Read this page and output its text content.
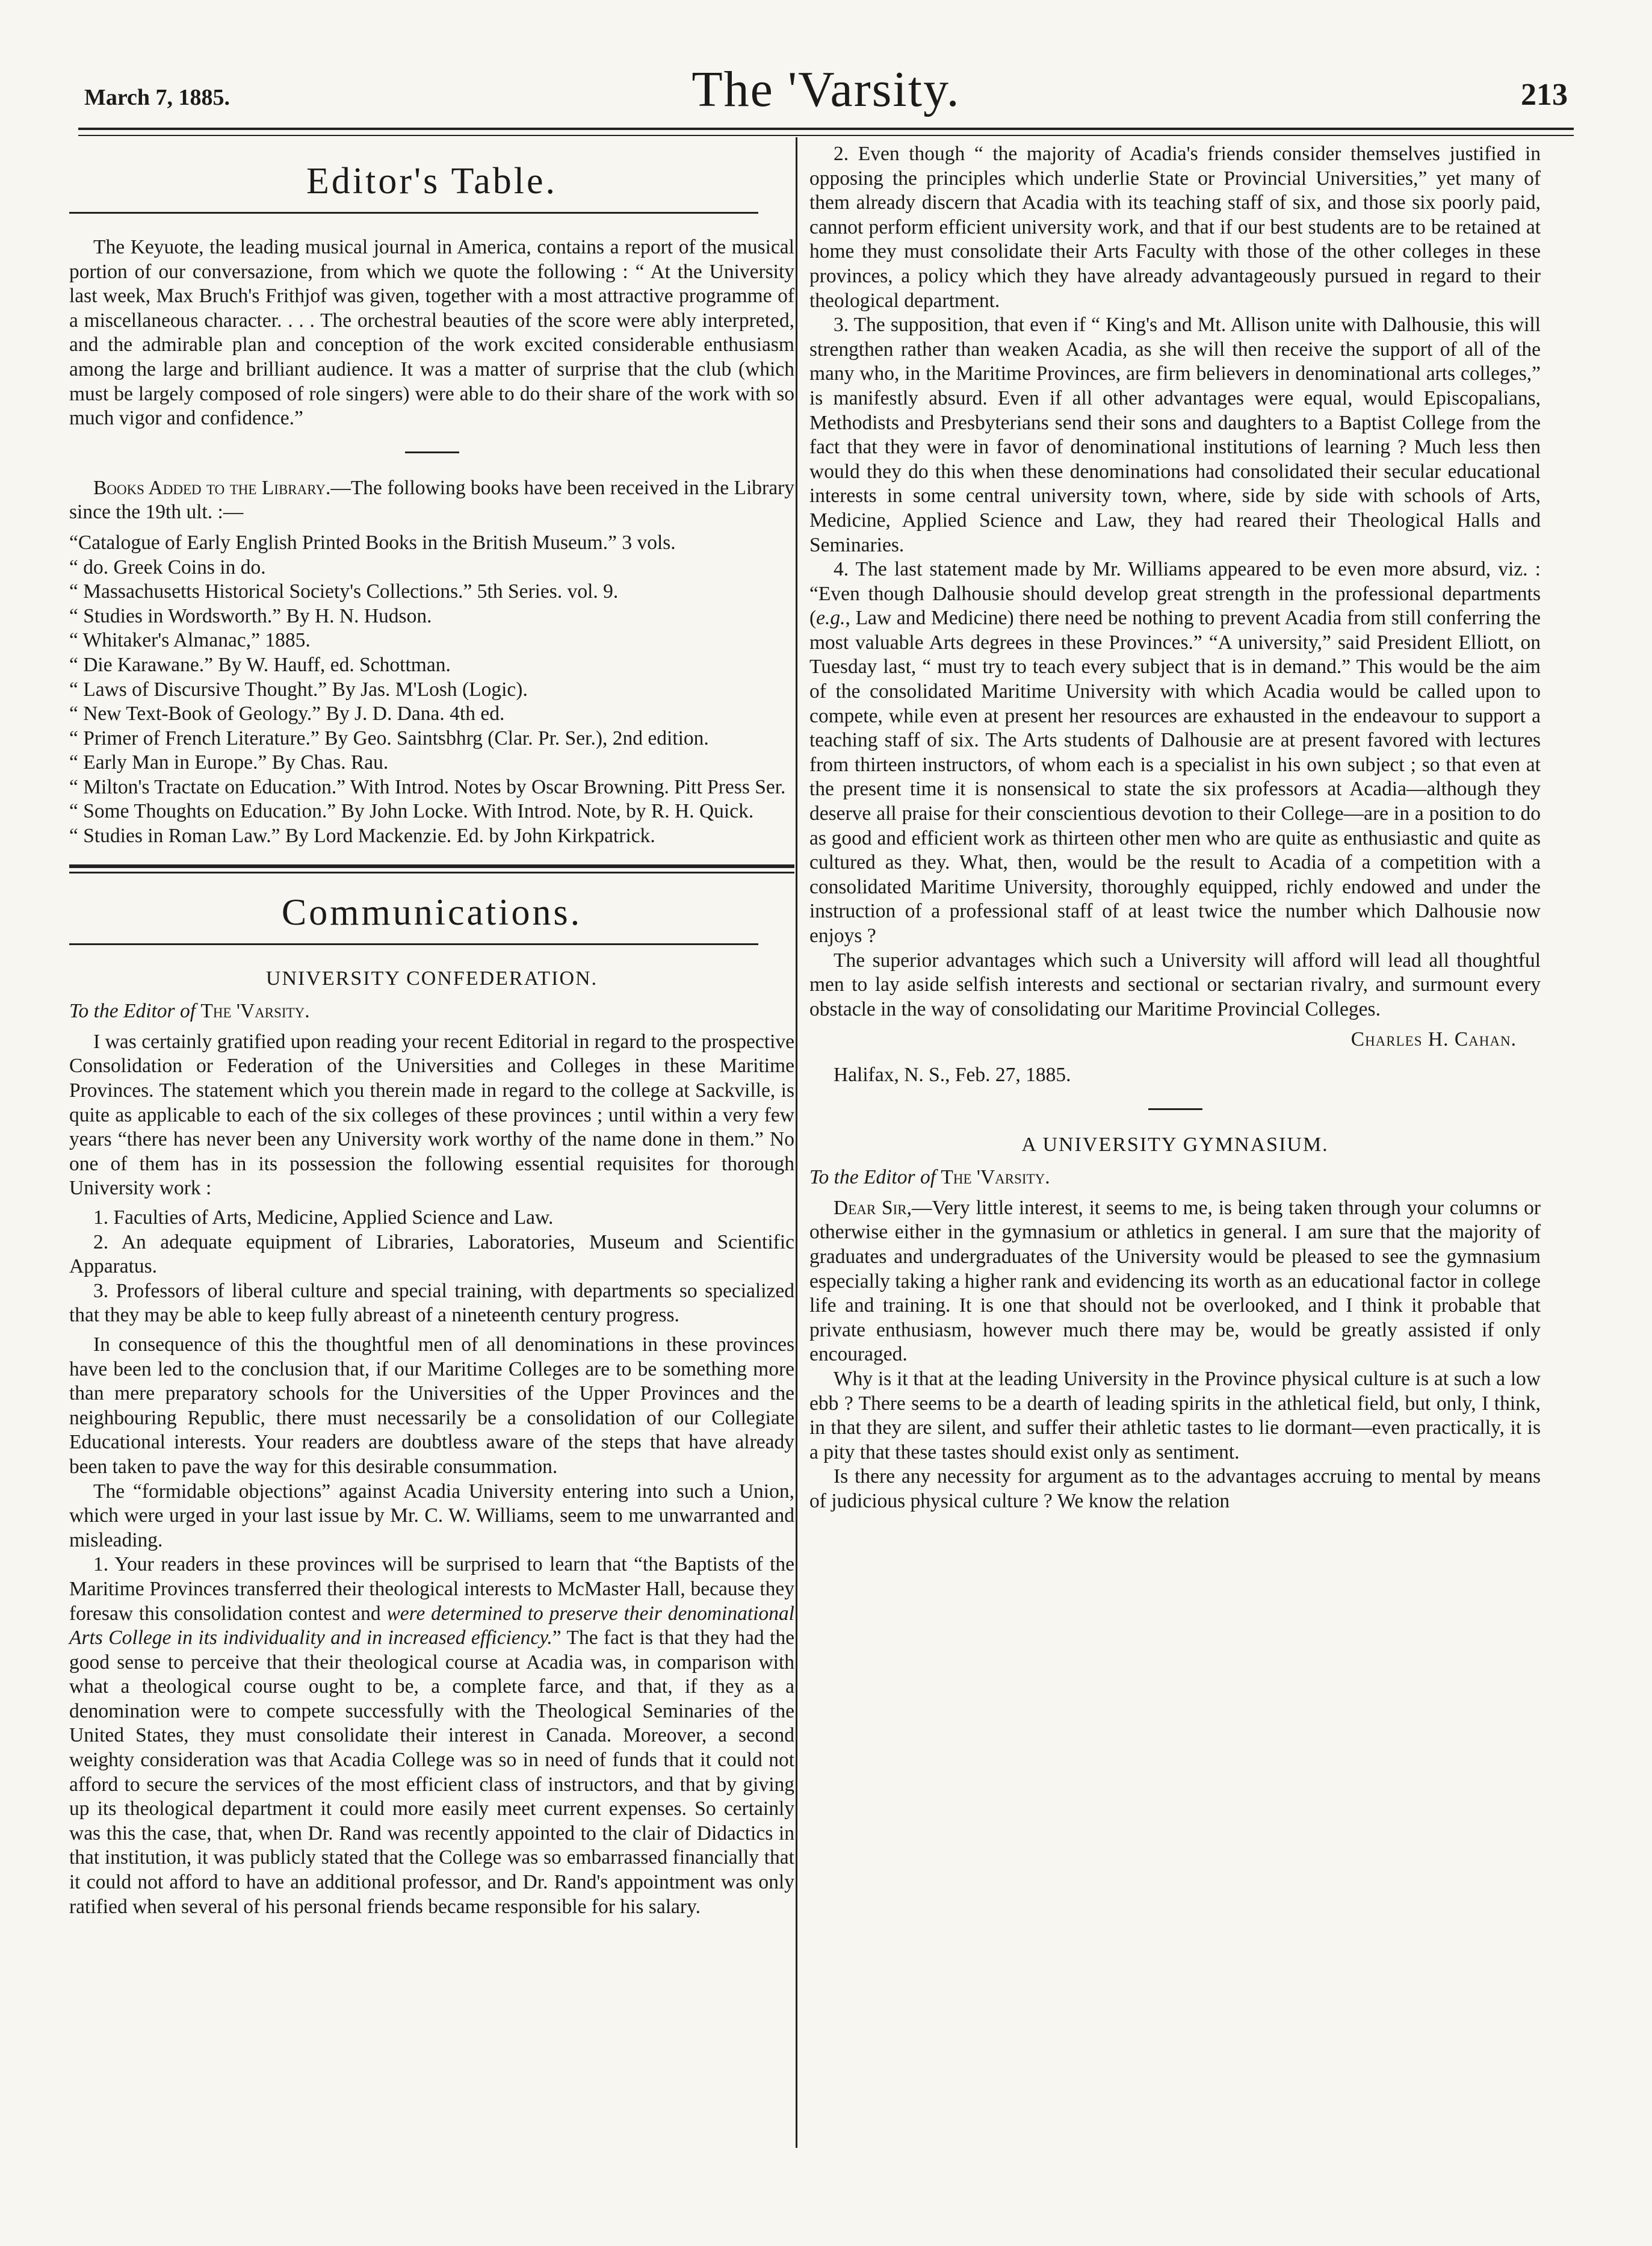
March 7, 1885.	The 'Varsity.	213
Editor's Table.

The Keyuote, the leading musical journal in America, contains a report of the musical portion of our conversazione, from which we quote the following : “ At the University last week, Max Bruch's Frithjof was given, together with a most attractive programme of a miscellaneous character. . . . The orchestral beauties of the score were ably interpreted, and the admirable plan and conception of the work excited considerable enthusiasm among the large and brilliant audience. It was a matter of surprise that the club (which must be largely composed of role singers) were able to do their share of the work with so much vigor and confidence.”

Books Added to the Library.—The following books have been received in the Library since the 19th ult. :—

“Catalogue of Early English Printed Books in the British Museum.” 3 vols.
“ do. Greek Coins in do.
“ Massachusetts Historical Society's Collections.” 5th Series. vol. 9.
“ Studies in Wordsworth.” By H. N. Hudson.
“ Whitaker's Almanac,” 1885.
“ Die Karawane.” By W. Hauff, ed. Schottman.
“ Laws of Discursive Thought.” By Jas. M'Losh (Logic).
“ New Text-Book of Geology.” By J. D. Dana. 4th ed.
“ Primer of French Literature.” By Geo. Saintsbhrg (Clar. Pr. Ser.), 2nd edition.
“ Early Man in Europe.” By Chas. Rau.
“ Milton's Tractate on Education.” With Introd. Notes by Oscar Browning. Pitt Press Ser.
“ Some Thoughts on Education.” By John Locke. With Introd. Note, by R. H. Quick.
“ Studies in Roman Law.” By Lord Mackenzie. Ed. by John Kirkpatrick.
Communications.
UNIVERSITY CONFEDERATION.

To the Editor of The 'Varsity.

I was certainly gratified upon reading your recent Editorial in regard to the prospective Consolidation or Federation of the Universities and Colleges in these Maritime Provinces. The statement which you therein made in regard to the college at Sackville, is quite as applicable to each of the six colleges of these provinces ; until within a very few years “there has never been any University work worthy of the name done in them.” No one of them has in its possession the following essential requisites for thorough University work :

1. Faculties of Arts, Medicine, Applied Science and Law.
2. An adequate equipment of Libraries, Laboratories, Museum and Scientific Apparatus.
3. Professors of liberal culture and special training, with departments so specialized that they may be able to keep fully abreast of a nineteenth century progress.

In consequence of this the thoughtful men of all denominations in these provinces have been led to the conclusion that, if our Maritime Colleges are to be something more than mere preparatory schools for the Universities of the Upper Provinces and the neighbouring Republic, there must necessarily be a consolidation of our Collegiate Educational interests. Your readers are doubtless aware of the steps that have already been taken to pave the way for this desirable consummation.

The “formidable objections” against Acadia University entering into such a Union, which were urged in your last issue by Mr. C. W. Williams, seem to me unwarranted and misleading.

1. Your readers in these provinces will be surprised to learn that “the Baptists of the Maritime Provinces transferred their theological interests to McMaster Hall, because they foresaw this consolidation contest and were determined to preserve their denominational Arts College in its individuality and in increased efficiency.” The fact is that they had the good sense to perceive that their theological course at Acadia was, in comparison with what a theological course ought to be, a complete farce, and that, if they as a denomination were to compete successfully with the Theological Seminaries of the United States, they must consolidate their interest in Canada. Moreover, a second weighty consideration was that Acadia College was so in need of funds that it could not afford to secure the services of the most efficient class of instructors, and that by giving up its theological department it could more easily meet current expenses. So certainly was this the case, that, when Dr. Rand was recently appointed to the clair of Didactics in that institution, it was publicly stated that the College was so embarrassed financially that it could not afford to have an additional professor, and Dr. Rand's appointment was only ratified when several of his personal friends became responsible for his salary.

2. Even though “ the majority of Acadia's friends consider themselves justified in opposing the principles which underlie State or Provincial Universities,” yet many of them already discern that Acadia with its teaching staff of six, and those six poorly paid, cannot perform efficient university work, and that if our best students are to be retained at home they must consolidate their Arts Faculty with those of the other colleges in these provinces, a policy which they have already advantageously pursued in regard to their theological department.

3. The supposition, that even if “ King's and Mt. Allison unite with Dalhousie, this will strengthen rather than weaken Acadia, as she will then receive the support of all of the many who, in the Maritime Provinces, are firm believers in denominational arts colleges,” is manifestly absurd. Even if all other advantages were equal, would Episcopalians, Methodists and Presbyterians send their sons and daughters to a Baptist College from the fact that they were in favor of denominational institutions of learning ? Much less then would they do this when these denominations had consolidated their secular educational interests in some central university town, where, side by side with schools of Arts, Medicine, Applied Science and Law, they had reared their Theological Halls and Seminaries.

4. The last statement made by Mr. Williams appeared to be even more absurd, viz. : “Even though Dalhousie should develop great strength in the professional departments (e.g., Law and Medicine) there need be nothing to prevent Acadia from still conferring the most valuable Arts degrees in these Provinces.” “A university,” said President Elliott, on Tuesday last, “ must try to teach every subject that is in demand.” This would be the aim of the consolidated Maritime University with which Acadia would be called upon to compete, while even at present her resources are exhausted in the endeavour to support a teaching staff of six. The Arts students of Dalhousie are at present favored with lectures from thirteen instructors, of whom each is a specialist in his own subject ; so that even at the present time it is nonsensical to state the six professors at Acadia—although they deserve all praise for their conscientious devotion to their College—are in a position to do as good and efficient work as thirteen other men who are quite as enthusiastic and quite as cultured as they. What, then, would be the result to Acadia of a competition with a consolidated Maritime University, thoroughly equipped, richly endowed and under the instruction of a professional staff of at least twice the number which Dalhousie now enjoys ?

The superior advantages which such a University will afford will lead all thoughtful men to lay aside selfish interests and sectional or sectarian rivalry, and surmount every obstacle in the way of consolidating our Maritime Provincial Colleges.

Charles H. Cahan.

Halifax, N. S., Feb. 27, 1885.

A UNIVERSITY GYMNASIUM.

To the Editor of The 'Varsity.

Dear Sir,—Very little interest, it seems to me, is being taken through your columns or otherwise either in the gymnasium or athletics in general. I am sure that the majority of graduates and undergraduates of the University would be pleased to see the gymnasium especially taking a higher rank and evidencing its worth as an educational factor in college life and training. It is one that should not be overlooked, and I think it probable that private enthusiasm, however much there may be, would be greatly assisted if only encouraged.

Why is it that at the leading University in the Province physical culture is at such a low ebb ? There seems to be a dearth of leading spirits in the athletical field, but only, I think, in that they are silent, and suffer their athletic tastes to lie dormant—even practically, it is a pity that these tastes should exist only as sentiment.

Is there any necessity for argument as to the advantages accruing to mental by means of judicious physical culture ? We know the relation
